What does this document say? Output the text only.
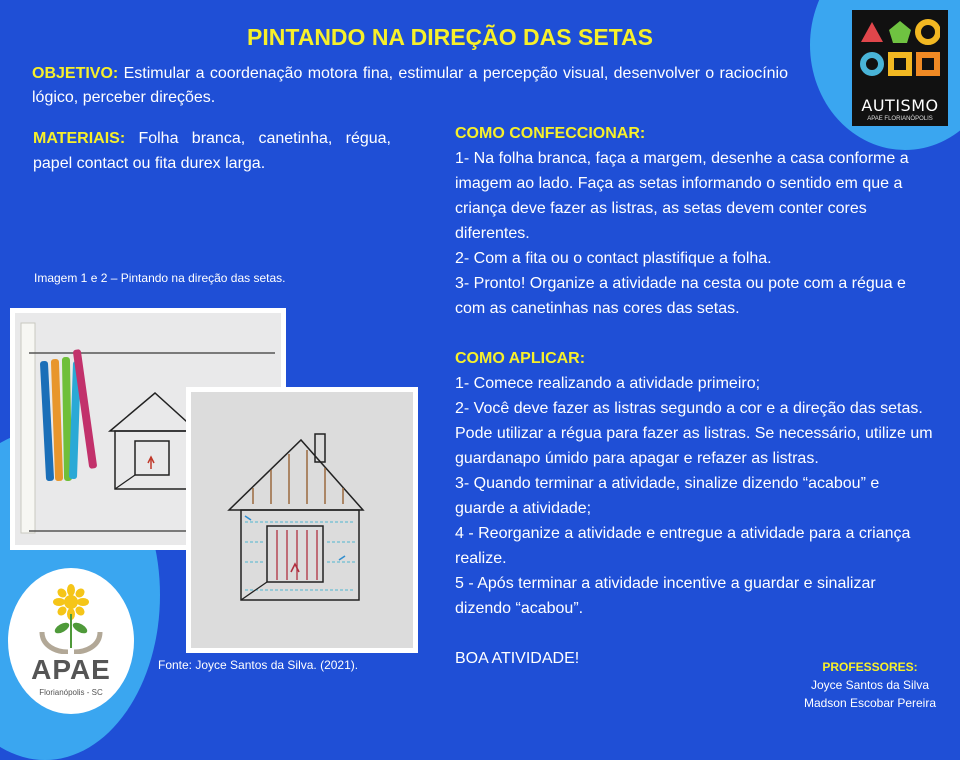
AUTISMO
APAE FLORIANÓPOLIS
APAE
Florianópolis - SC
PINTANDO NA DIREÇÃO DAS SETAS
OBJETIVO: Estimular a coordenação motora fina, estimular a percepção visual, desenvolver o raciocínio lógico, perceber direções.
MATERIAIS: Folha branca, canetinha, régua, papel contact ou fita durex larga.
Imagem 1 e 2 – Pintando na direção das setas.
Fonte: Joyce Santos da Silva. (2021).

COMO CONFECCIONAR:

1- Na folha branca, faça a margem, desenhe a casa conforme a imagem ao lado. Faça as setas informando o sentido em que a criança deve fazer as listras, as setas devem conter cores diferentes.

2- Com a fita ou o contact plastifique a folha.

3- Pronto! Organize a atividade na cesta ou pote com a régua e com as canetinhas nas cores das setas.

COMO APLICAR:

1- Comece realizando a atividade primeiro;

2- Você deve fazer as listras segundo a cor e a direção das setas. Pode utilizar a régua para fazer as listras. Se necessário, utilize um guardanapo úmido para apagar e refazer as listras.

3- Quando terminar a atividade, sinalize dizendo “acabou” e guarde a atividade;

4 - Reorganize a atividade e entregue a atividade para a criança realize.

5 - Após terminar a atividade incentive a guardar e sinalizar dizendo “acabou”.

BOA ATIVIDADE!	PROFESSORES:
Joyce Santos da Silva
Madson Escobar Pereira
